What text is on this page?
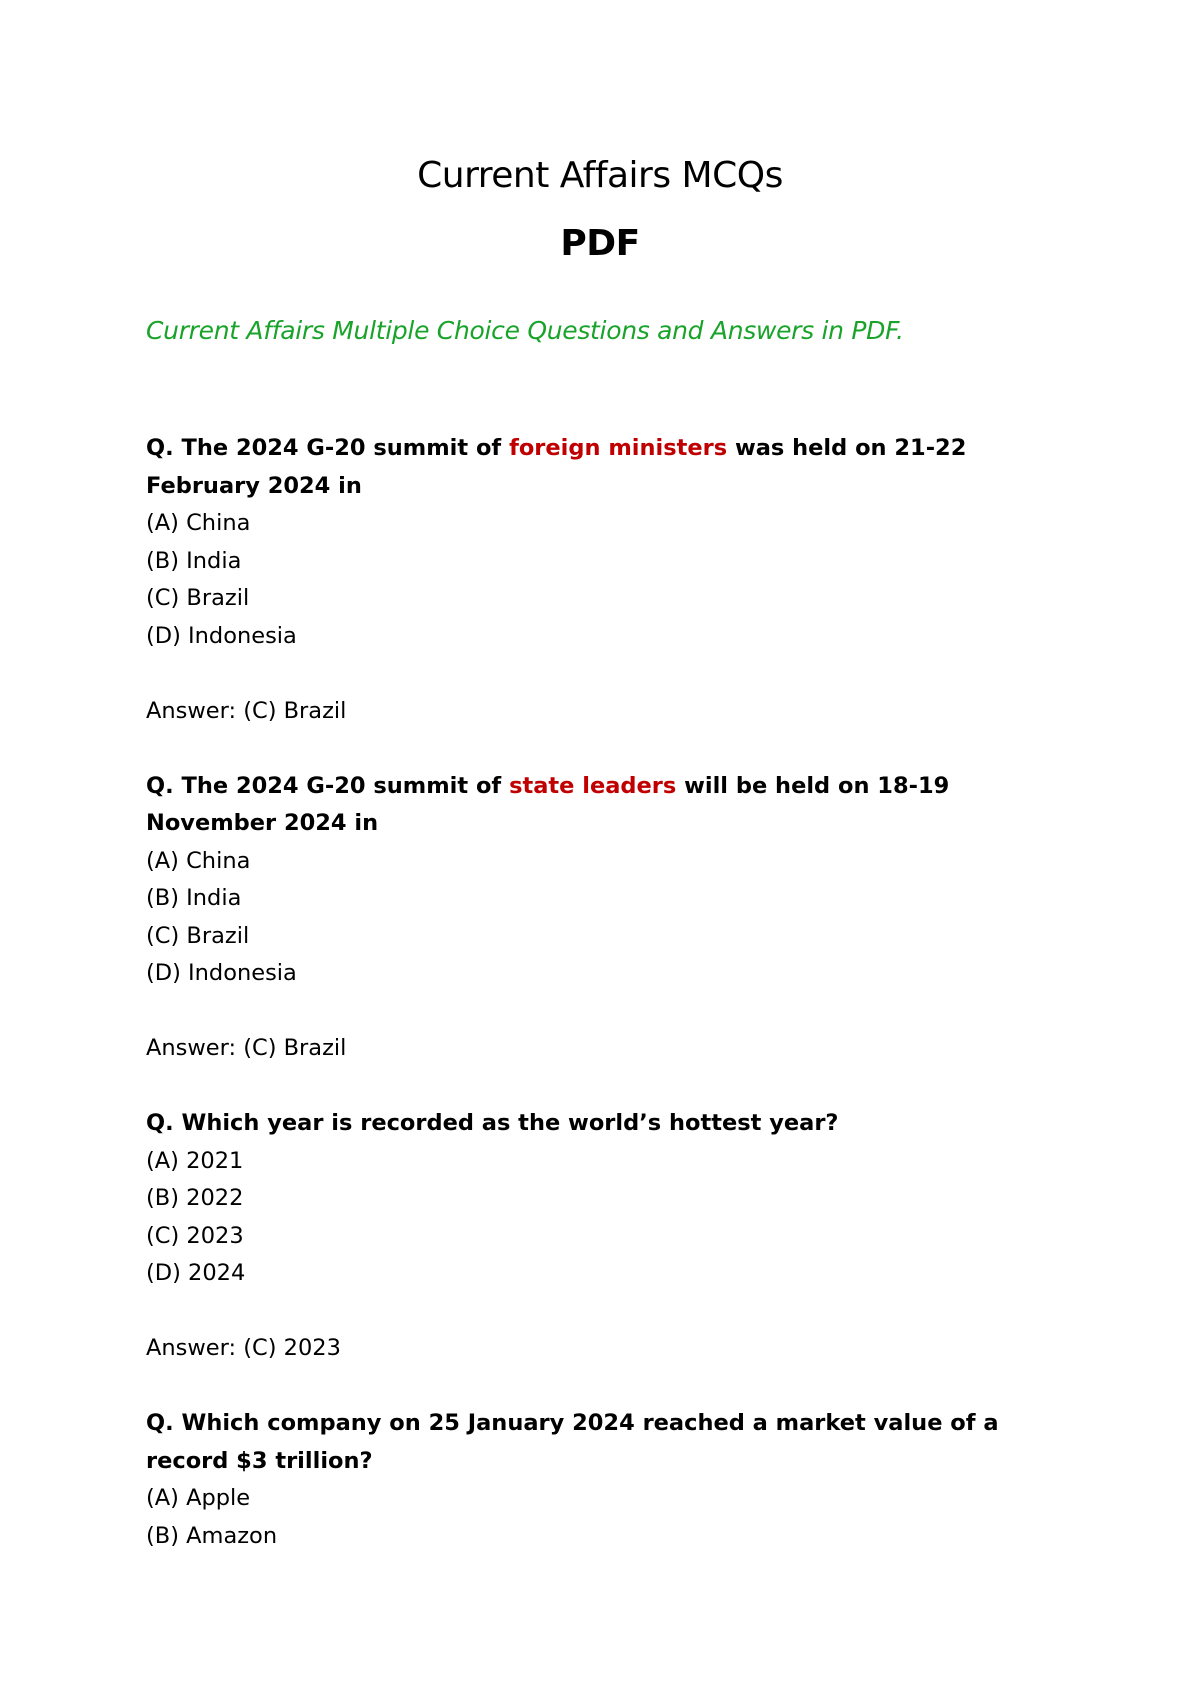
Current Affairs MCQs
PDF

Current Affairs Multiple Choice Questions and Answers in PDF.

Q. The 2024 G-20 summit of foreign ministers was held on 21-22 February 2024 in

(A) China
(B) India
(C) Brazil
(D) Indonesia

Answer: (C) Brazil

Q. The 2024 G-20 summit of state leaders will be held on 18-19 November 2024 in

(A) China
(B) India
(C) Brazil
(D) Indonesia

Answer: (C) Brazil

Q. Which year is recorded as the world’s hottest year?

(A) 2021
(B) 2022
(C) 2023
(D) 2024

Answer: (C) 2023

Q. Which company on 25 January 2024 reached a market value of a record $3 trillion?

(A) Apple
(B) Amazon
